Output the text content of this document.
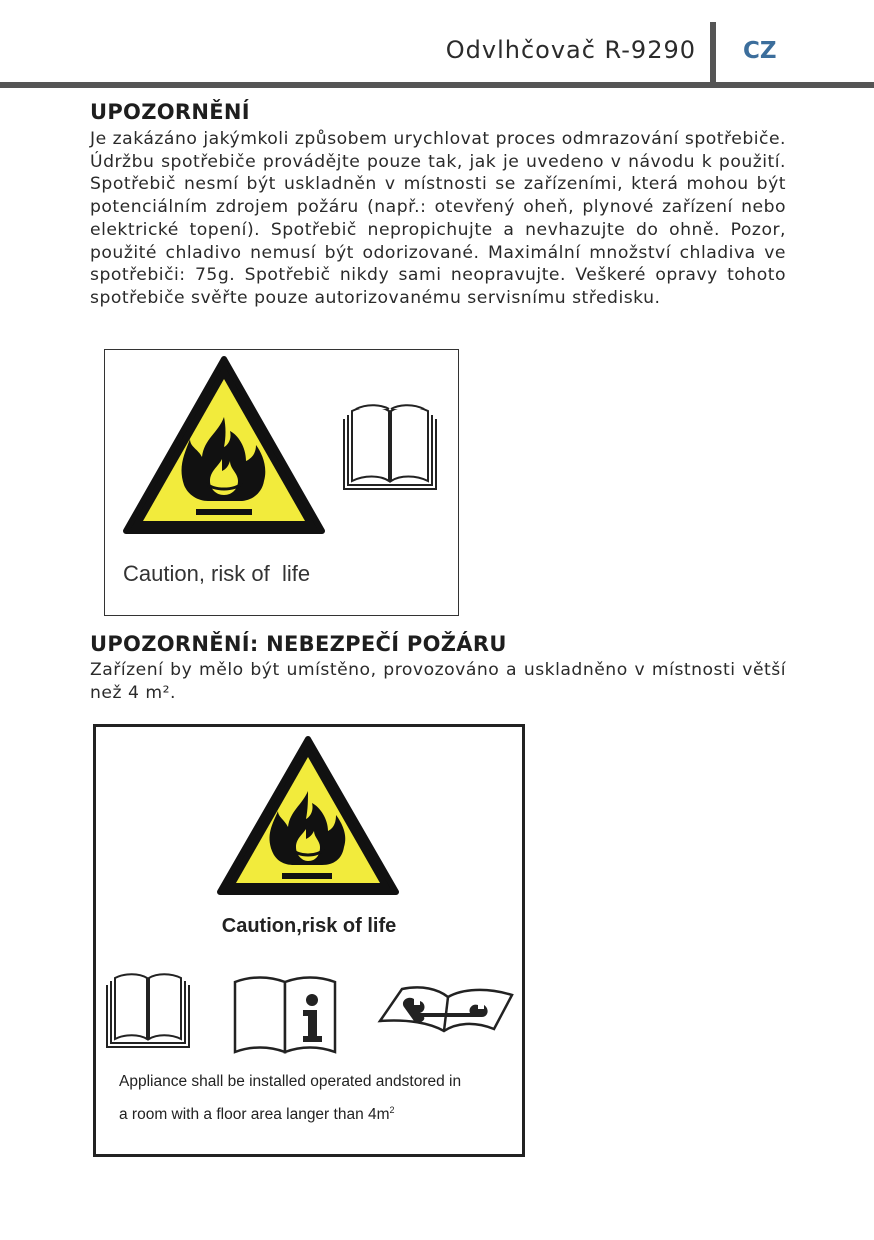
Odvlhčovač R-9290 CZ
UPOZORNĚNÍ
Je zakázáno jakýmkoli způsobem urychlovat proces odmrazování spotřebiče. Údržbu spotřebiče provádějte pouze tak, jak je uvedeno v návodu k použití. Spotřebič nesmí být uskladněn v místnosti se zařízeními, která mohou být potenciálním zdrojem požáru (např.: otevřený oheň, plynové zařízení nebo elektrické topení). Spotřebič nepropichujte a nevhazujte do ohně. Pozor, použité chladivo nemusí být odorizované. Maximální množství chladiva ve spotřebiči: 75g. Spotřebič nikdy sami neopravujte. Veškeré opravy tohoto spotřebiče svěřte pouze autorizovanému servisnímu středisku.
Caution, risk of  life
UPOZORNĚNÍ: NEBEZPEČÍ POŽÁRU
Zařízení by mělo být umístěno, provozováno a uskladněno v místnosti větší než 4 m².
Caution,risk of life
Appliance shall be installed operated andstored in
a room with a floor area langer than $4m^2$
